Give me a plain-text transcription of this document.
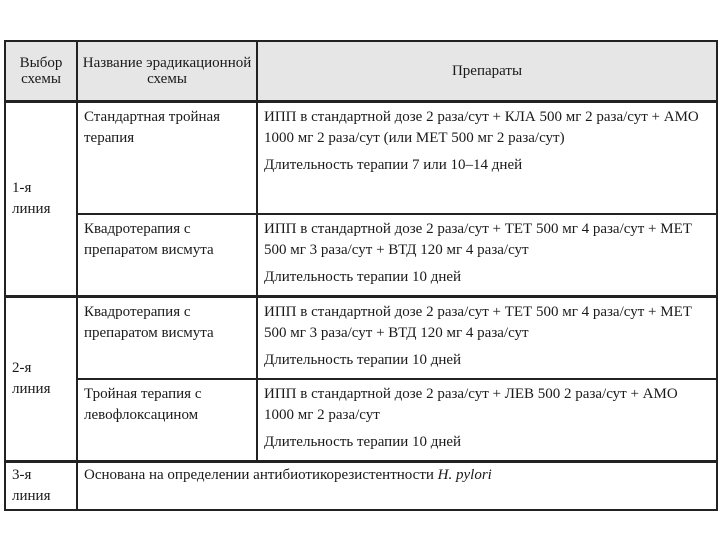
Выбор схемы	Название эрадикационной схемы	Препараты
1-я линия	Стандартная тройная терапия	ИПП в стандартной дозе 2 раза/сут + КЛА 500 мг 2 раза/сут + АМО 1000 мг 2 раза/сут (или МЕТ 500 мг 2 раза/сут)
Длительность терапии 7 или 10–14 дней

	Квадротерапия с препаратом висмута	ИПП в стандартной дозе 2 раза/сут + ТЕТ 500 мг 4 раза/сут + МЕТ 500 мг 3 раза/сут + ВТД 120 мг 4 раза/сут
Длительность терапии 10 дней

2-я линия	Квадротерапия с препаратом висмута	ИПП в стандартной дозе 2 раза/сут + ТЕТ 500 мг 4 раза/сут + МЕТ 500 мг 3 раза/сут + ВТД 120 мг 4 раза/сут
Длительность терапии 10 дней

	Тройная терапия с левофлоксацином	ИПП в стандартной дозе 2 раза/сут + ЛЕВ 500 2 раза/сут + АМО 1000 мг 2 раза/сут
Длительность терапии 10 дней

3-я линия	Основана на определении антибиотикорезистентности H. pylori	
